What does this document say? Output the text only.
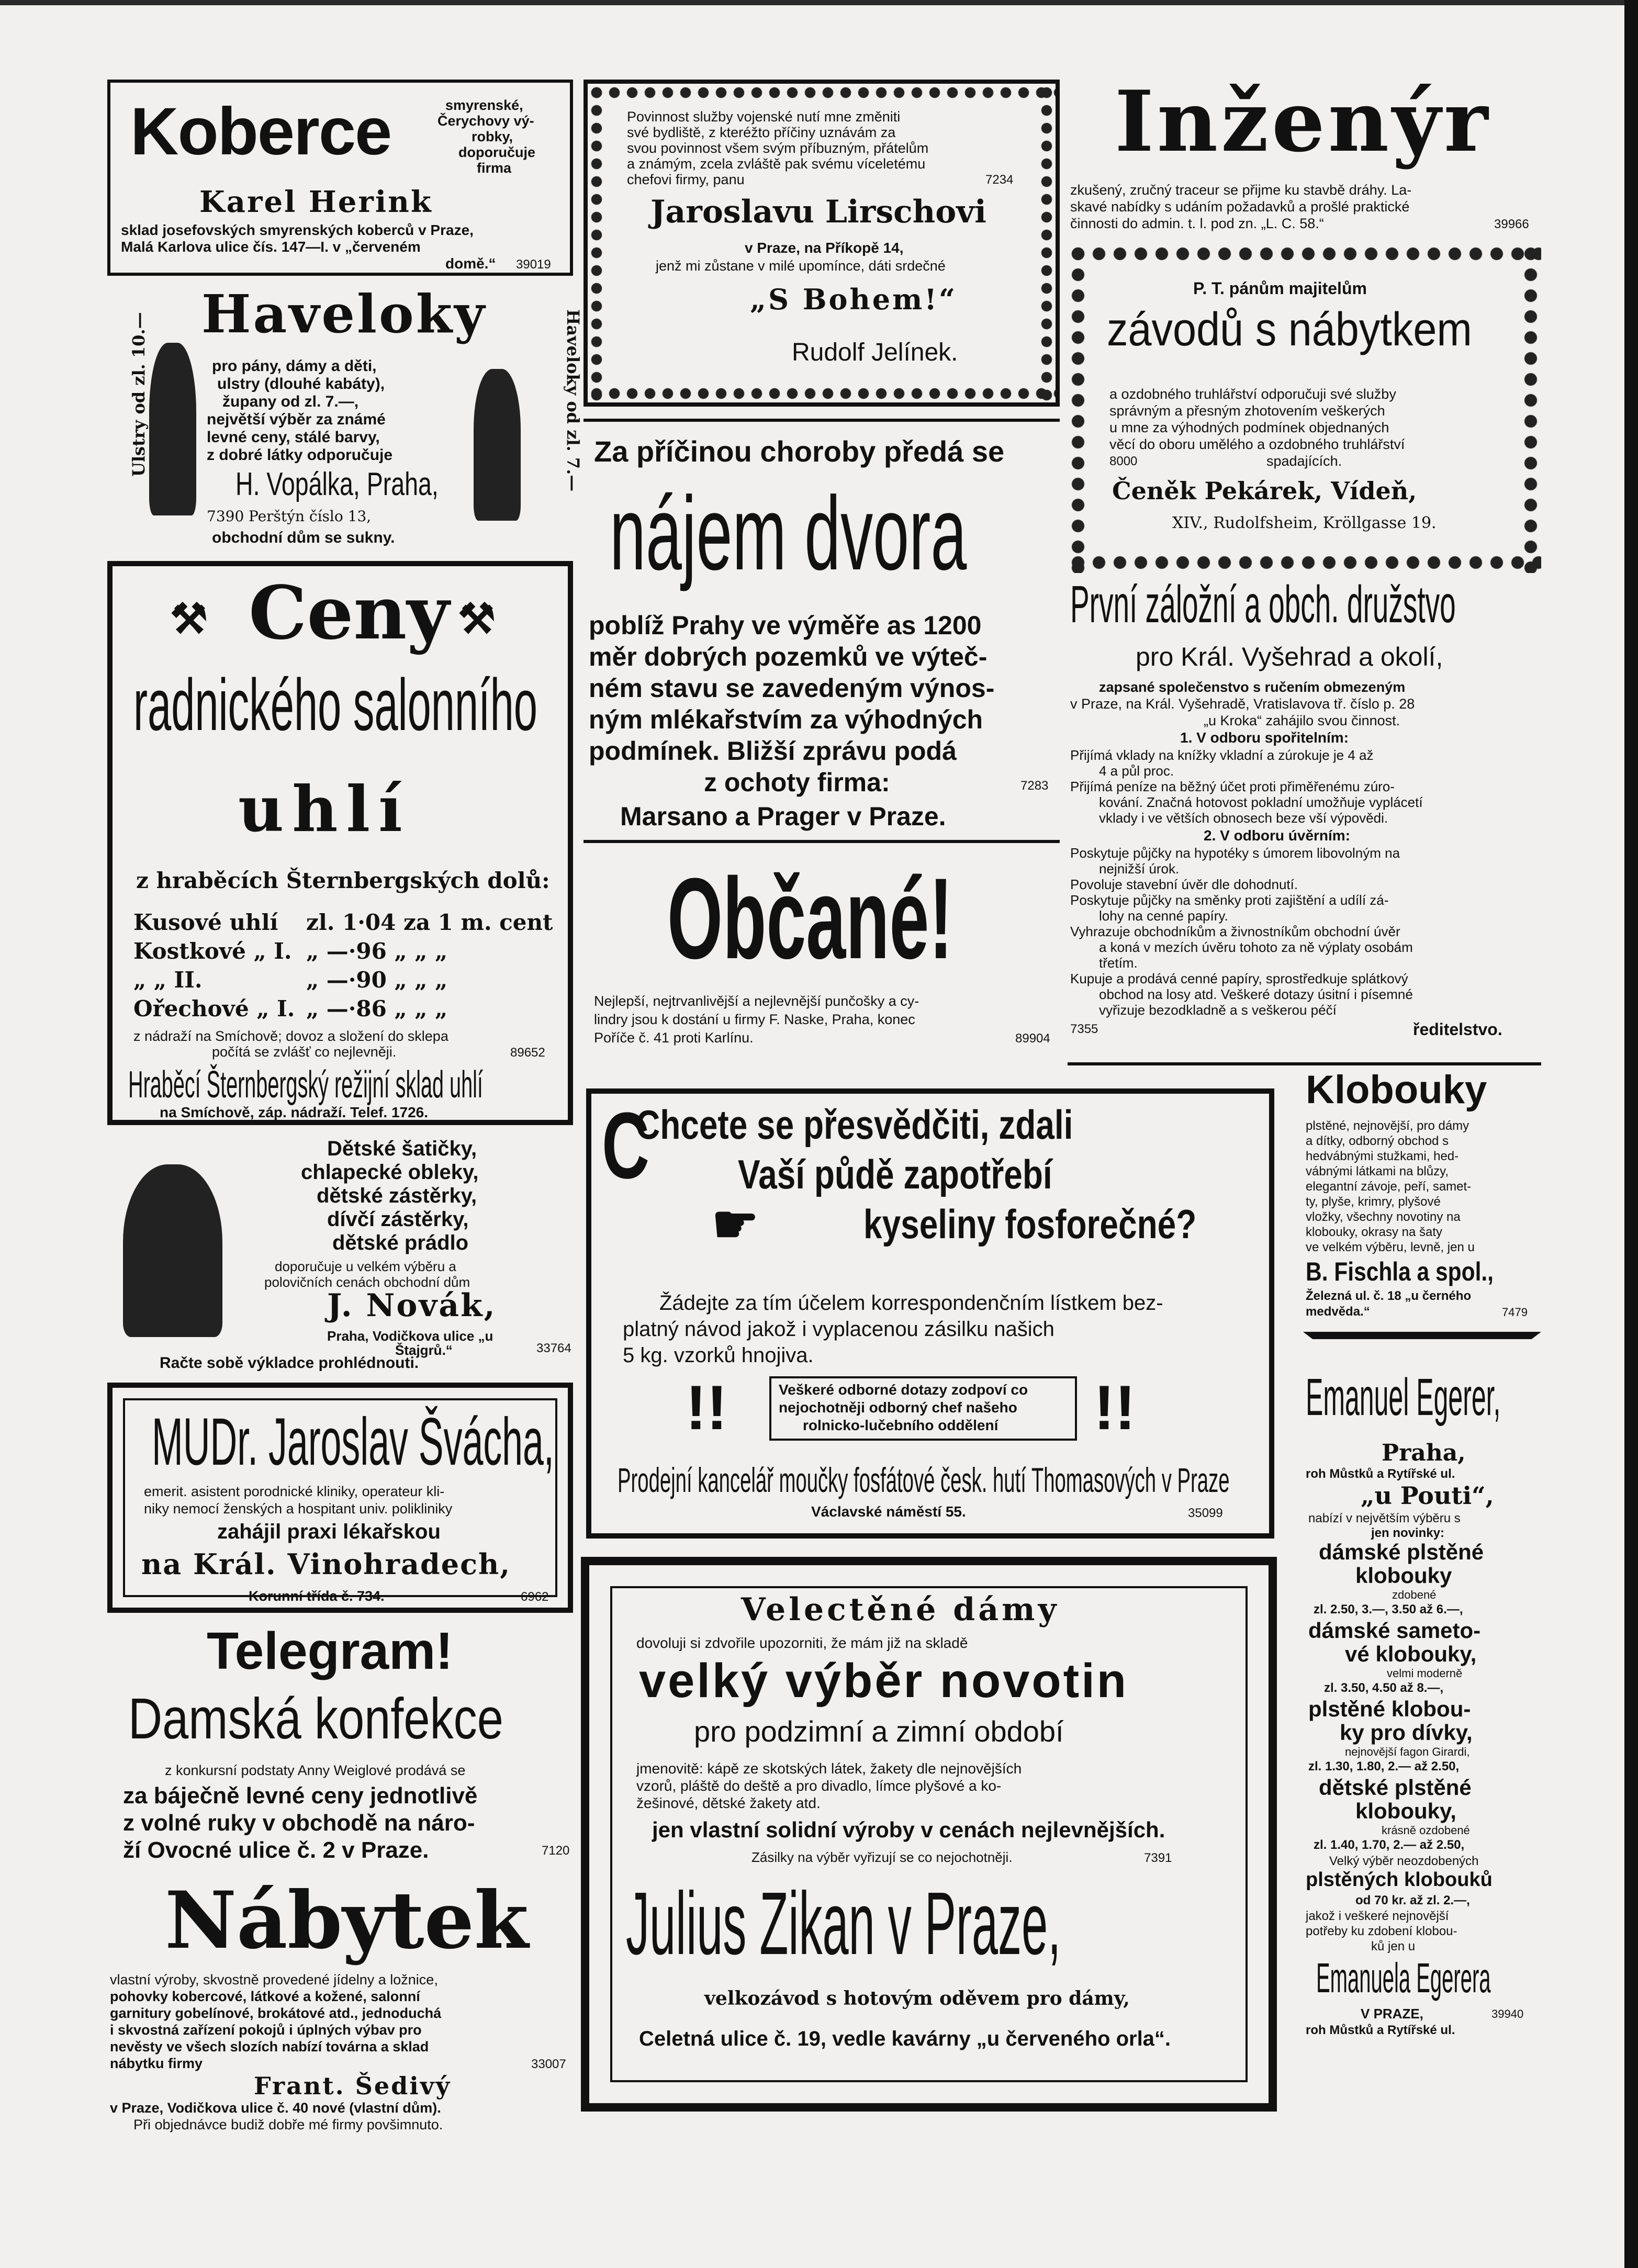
Koberce	smyrenské,
Čerychovy vý-
robky,
doporučuje
firma
Karel Herink
sklad josefovských smyrenských koberců v Praze,
Malá Karlova ulice čís. 147—I. v „červeném
domě.“ 39019
Ulstry od zl. 10.—	Haveloky od zl. 7.—
Haveloky
pro pány, dámy a děti,
ulstry (dlouhé kabáty),
župany od zl. 7.—,
největší výběr za známé
levné ceny, stálé barvy,
z dobré látky odporučuje
H. Vopálka, Praha,
7390 Perštýn číslo 13,
obchodní dům se sukny.
⚒ Ceny ⚒
radnického salonního
uhlí
z hraběcích Šternbergských dolů:
Kusové uhlí zl. 1·04 za 1 m. cent
Kostkové „ I. „ —·96 „ „ „
„ „ II.	„ —·90 „ „ „
Ořechové „ I. „ —·86 „ „ „
z nádraží na Smíchově; dovoz a složení do sklepa
počítá se zvlášť co nejlevněji.	89652
Hraběcí Šternbergský režijní sklad uhlí
na Smíchově, záp. nádraží. Telef. 1726.
Dětské šatičky,
chlapecké obleky,
dětské zástěrky,
dívčí zástěrky,
dětské prádlo
doporučuje u velkém výběru a
polovičních cenách obchodní dům
J. Novák,
Praha, Vodičkova ulice „u
Štajgrů.“	33764
Račte sobě výkladce prohlédnouti.
MUDr. Jaroslav Švácha,
emerit. asistent porodnické kliniky, operateur kli-
niky nemocí ženských a hospitant univ. polikliniky
zahájil praxi lékařskou
na Král. Vinohradech,
Korunní třída č. 734.	6962
Telegram!
Damská konfekce
z konkursní podstaty Anny Weiglové prodává se
za báječně levné ceny jednotlivě
z volné ruky v obchodě na náro-
ží Ovocné ulice č. 2 v Praze.	7120
Nábytek
vlastní výroby, skvostně provedené jídelny a ložnice,
pohovky kobercové, látkové a kožené, salonní
garnitury gobelínové, brokátové atd., jednoduchá
i skvostná zařízení pokojů i úplných výbav pro
nevěsty ve všech slozích nabízí továrna a sklad
nábytku firmy	33007
Frant. Šedivý
v Praze, Vodičkova ulice č. 40 nové (vlastní dům).
Při objednávce budiž dobře mé firmy povšimnuto.
Povinnost služby vojenské nutí mne změniti
své bydliště, z kteréžto příčiny uznávám za
svou povinnost všem svým příbuzným, přátelům
a známým, zcela zvláště pak svému víceletému
chefovi firmy, panu	7234
Jaroslavu Lirschovi
v Praze, na Příkopě 14,
jenž mi zůstane v milé upomínce, dáti srdečné
„S Bohem!“
Rudolf Jelínek.
Za příčinou choroby předá se
nájem dvora
poblíž Prahy ve výměře as 1200
měr dobrých pozemků ve výteč-
ném stavu se zavedeným výnos-
ným mlékařstvím za výhodných
podmínek. Bližší zprávu podá
z ochoty firma:	7283
Marsano a Prager v Praze.
Občané!
Nejlepší, nejtrvanlivější a nejlevnější punčošky a cy-
lindry jsou k dostání u firmy F. Naske, Praha, konec
Poříče č. 41 proti Karlínu.	89904
C
Chcete se přesvědčiti, zdali
Vaší půdě zapotřebí
☛	kyseliny fosforečné?
Žádejte za tím účelem korrespondenčním lístkem bez-
platný návod jakož i vyplacenou zásilku našich
5 kg. vzorků hnojiva.
!!	Veškeré odborné dotazy zodpoví co
nejochotněji odborný chef našeho
rolnicko-lučebního oddělení !!
Prodejní kancelář moučky fosfátové česk. hutí Thomasových v Praze
Václavské náměstí 55.	35099
Velectěné dámy
dovoluji si zdvořile upozorniti, že mám již na skladě
velký výběr novotin
pro podzimní a zimní období
jmenovitě: kápě ze skotských látek, žakety dle nejnovějších
vzorů, pláště do deště a pro divadlo, límce plyšové a ko-
žešinové, dětské žakety atd.
jen vlastní solidní výroby v cenách nejlevnějších.
Zásilky na výběr vyřizují se co nejochotněji.	7391
Julius Zikan v Praze,
velkozávod s hotovým oděvem pro dámy,
Celetná ulice č. 19, vedle kavárny „u červeného orla“.
Inženýr
zkušený, zručný traceur se přijme ku stavbě dráhy. La-
skavé nabídky s udáním požadavků a prošlé praktické
činnosti do admin. t. l. pod zn. „L. C. 58.“	39966
P. T. pánům majitelům
závodů s nábytkem
a ozdobného truhlářství odporučuji své služby
správným a přesným zhotovením veškerých
u mne za výhodných podmínek objednaných
věcí do oboru umělého a ozdobného truhlářství
8000	spadajících.
Čeněk Pekárek, Vídeň,
XIV., Rudolfsheim, Kröllgasse 19.
První záložní a obch. družstvo
pro Král. Vyšehrad a okolí,
zapsané společenstvo s ručením obmezeným
v Praze, na Král. Vyšehradě, Vratislavova tř. číslo p. 28
„u Kroka“ zahájilo svou činnost.
1. V odboru spořitelním:
Přijímá vklady na knížky vkladní a zúrokuje je 4 až
4 a půl proc.
Přijímá peníze na běžný účet proti přiměřenému zúro-
kování. Značná hotovost pokladní umožňuje vyplácetí
vklady i ve větších obnosech beze vší výpovědi.
2. V odboru úvěrním:
Poskytuje půjčky na hypotéky s úmorem libovolným na
nejnižší úrok.
Povoluje stavební úvěr dle dohodnutí.
Poskytuje půjčky na směnky proti zajištění a udílí zá-
lohy na cenné papíry.
Vyhrazuje obchodníkům a živnostníkům obchodní úvěr
a koná v mezích úvěru tohoto za ně výplaty osobám
třetím.
Kupuje a prodává cenné papíry, sprostředkuje splátkový
obchod na losy atd. Veškeré dotazy úsitní i písemné
vyřizuje bezodkladně a s veškerou péčí
7355	ředitelstvo.
Klobouky
plstěné, nejnovější, pro dámy
a dítky, odborný obchod s
hedvábnými stužkami, hed-
vábnými látkami na blůzy,
elegantní závoje, peří, samet-
ty, plyše, krimry, plyšové
vložky, všechny novotiny na
klobouky, okrasy na šaty
ve velkém výběru, levně, jen u
B. Fischla a spol.,
Železná ul. č. 18 „u černého
medvěda.“	7479
Emanuel Egerer,
Praha,
roh Můstků a Rytířské ul.
„u Pouti“,
nabízí v největším výběru s
jen novinky:
dámské plstěné
klobouky
zdobené
zl. 2.50, 3.—, 3.50 až 6.—,
dámské sameto-
vé klobouky,
velmi moderně
zl. 3.50, 4.50 až 8.—,
plstěné klobou-
ky pro dívky,
nejnovější fagon Girardi,
zl. 1.30, 1.80, 2.— až 2.50,
dětské plstěné
klobouky,
krásně ozdobené
zl. 1.40, 1.70, 2.— až 2.50,
Velký výběr neozdobených
plstěných klobouků
od 70 kr. až zl. 2.—,
jakož i veškeré nejnovější
potřeby ku zdobení klobou-
ků jen u
Emanuela Egerera
V PRAZE,	39940
roh Můstků a Rytířské ul.
